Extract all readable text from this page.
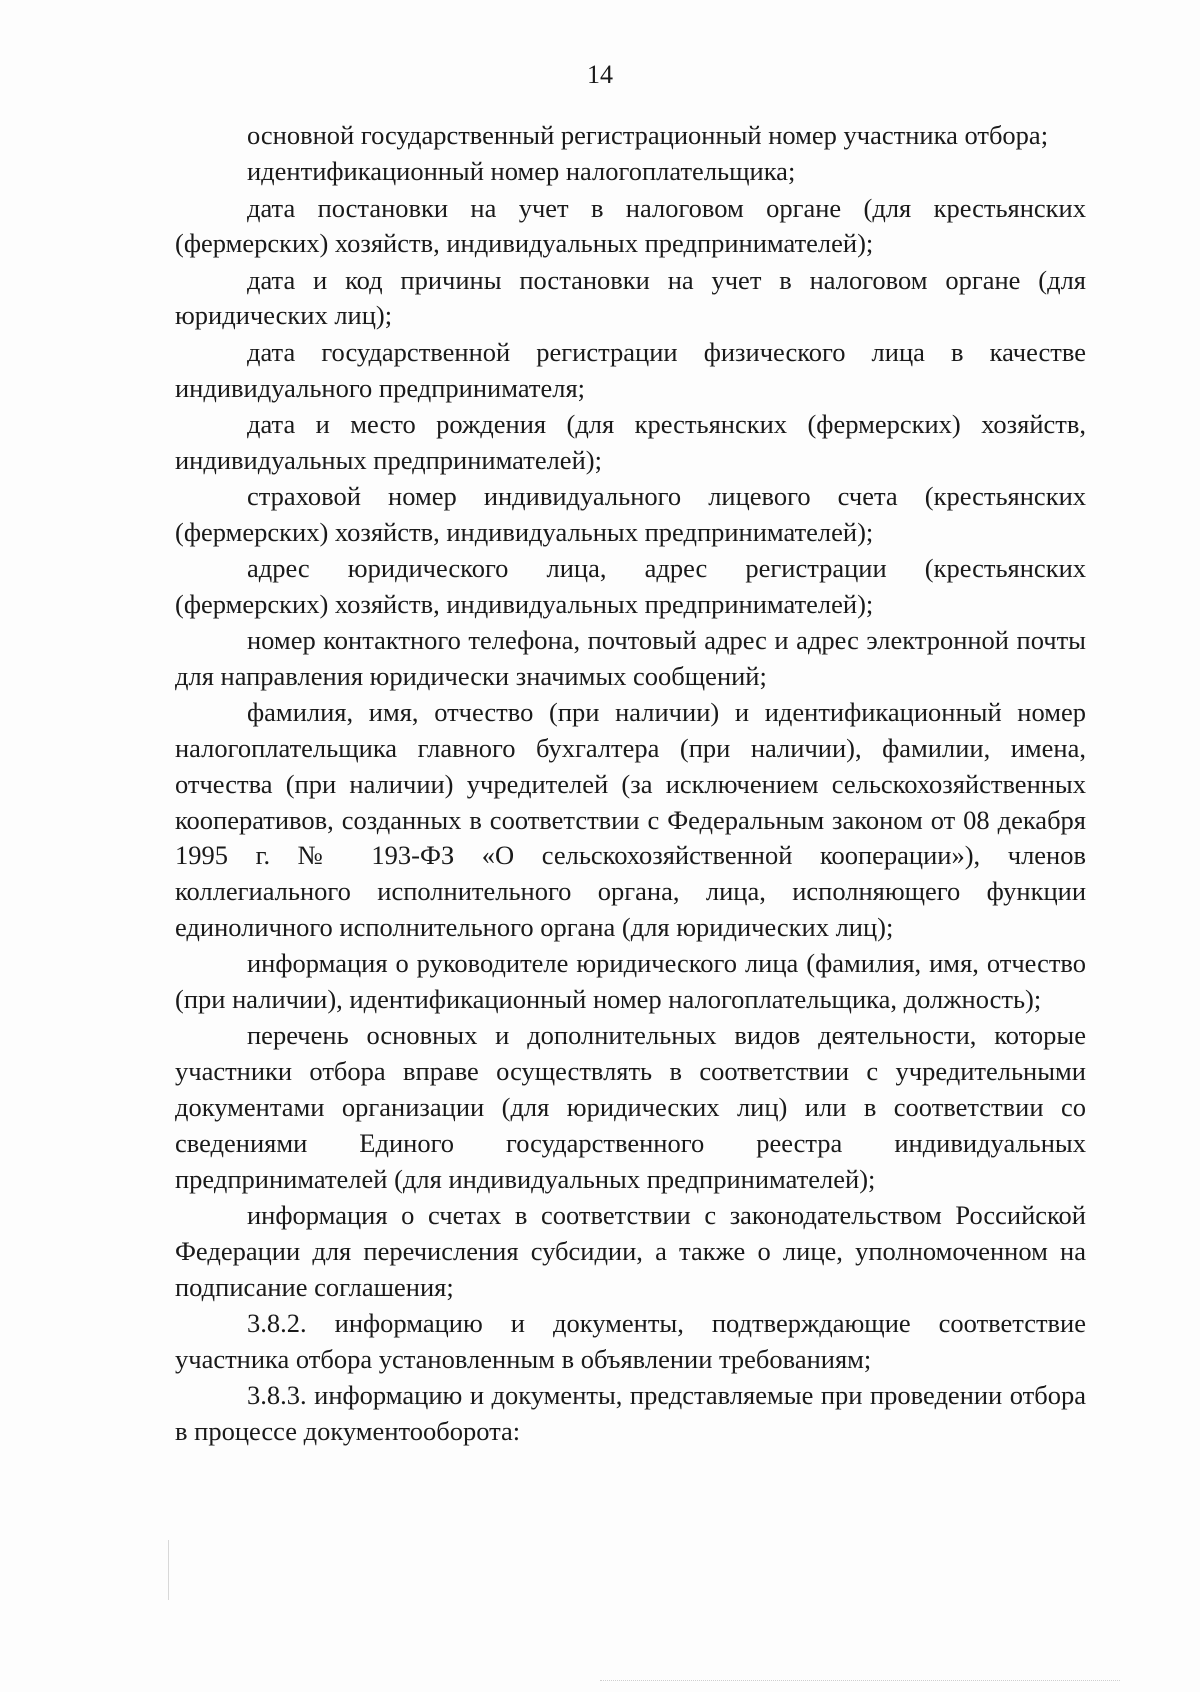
14

основной государственный регистрационный номер участника отбора;

идентификационный номер налогоплательщика;

дата постановки на учет в налоговом органе (для крестьянских (фермерских) хозяйств, индивидуальных предпринимателей);

дата и код причины постановки на учет в налоговом органе (для юридических лиц);

дата государственной регистрации физического лица в качестве индивидуального предпринимателя;

дата и место рождения (для крестьянских (фермерских) хозяйств, индивидуальных предпринимателей);

страховой номер индивидуального лицевого счета (крестьянских (фермерских) хозяйств, индивидуальных предпринимателей);

адрес юридического лица, адрес регистрации (крестьянских (фермерских) хозяйств, индивидуальных предпринимателей);

номер контактного телефона, почтовый адрес и адрес электронной почты для направления юридически значимых сообщений;

фамилия, имя, отчество (при наличии) и идентификационный номер налогоплательщика главного бухгалтера (при наличии), фамилии, имена, отчества (при наличии) учредителей (за исключением сельскохозяйственных кооперативов, созданных в соответствии с Федеральным законом от 08 декабря 1995 г. № 193-ФЗ «О сельскохозяйственной кооперации»), членов коллегиального исполнительного органа, лица, исполняющего функции единоличного исполнительного органа (для юридических лиц);

информация о руководителе юридического лица (фамилия, имя, отчество (при наличии), идентификационный номер налогоплательщика, должность);

перечень основных и дополнительных видов деятельности, которые участники отбора вправе осуществлять в соответствии с учредительными документами организации (для юридических лиц) или в соответствии со сведениями Единого государственного реестра индивидуальных предпринимателей (для индивидуальных предпринимателей);

информация о счетах в соответствии с законодательством Российской Федерации для перечисления субсидии, а также о лице, уполномоченном на подписание соглашения;

3.8.2. информацию и документы, подтверждающие соответствие участника отбора установленным в объявлении требованиям;

3.8.3. информацию и документы, представляемые при проведении отбора в процессе документооборота:
